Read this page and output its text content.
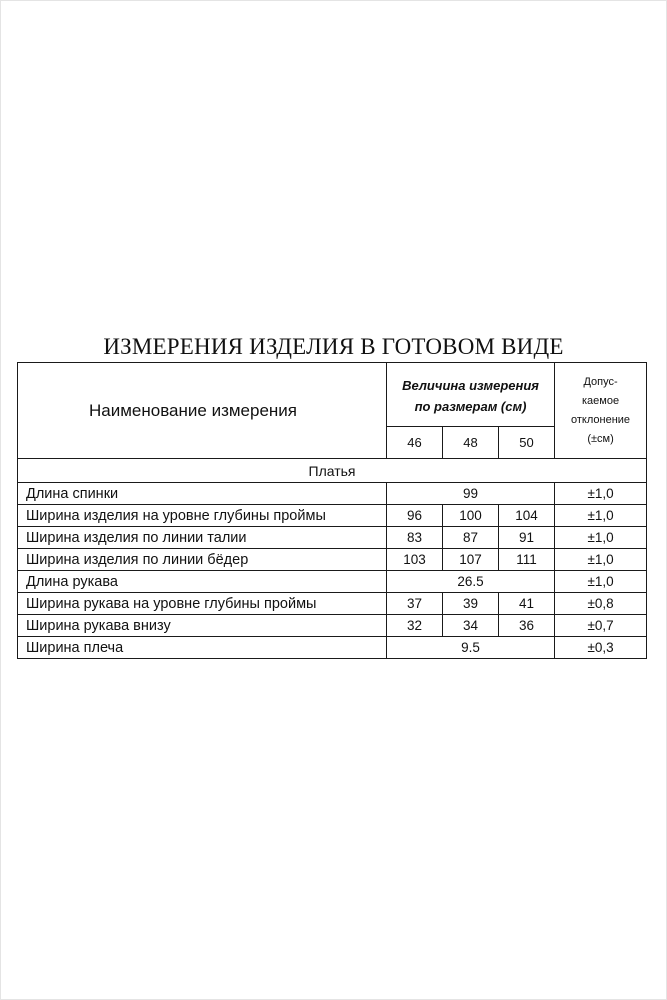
ИЗМЕРЕНИЯ ИЗДЕЛИЯ В ГОТОВОМ ВИДЕ
Наименование измерения	Величина измерения
по размерам (см)			Допус-
каемое
отклонение
(±см)
	46	48	50	
Платья				
Длина спинки	99			±1,0
Ширина изделия на уровне глубины проймы	96	100	104	±1,0
Ширина изделия по линии талии	83	87	91	±1,0
Ширина изделия по линии бёдер	103	107	111	±1,0
Длина рукава	26.5			±1,0
Ширина рукава на уровне глубины проймы	37	39	41	±0,8
Ширина рукава внизу	32	34	36	±0,7
Ширина плеча	9.5			±0,3
